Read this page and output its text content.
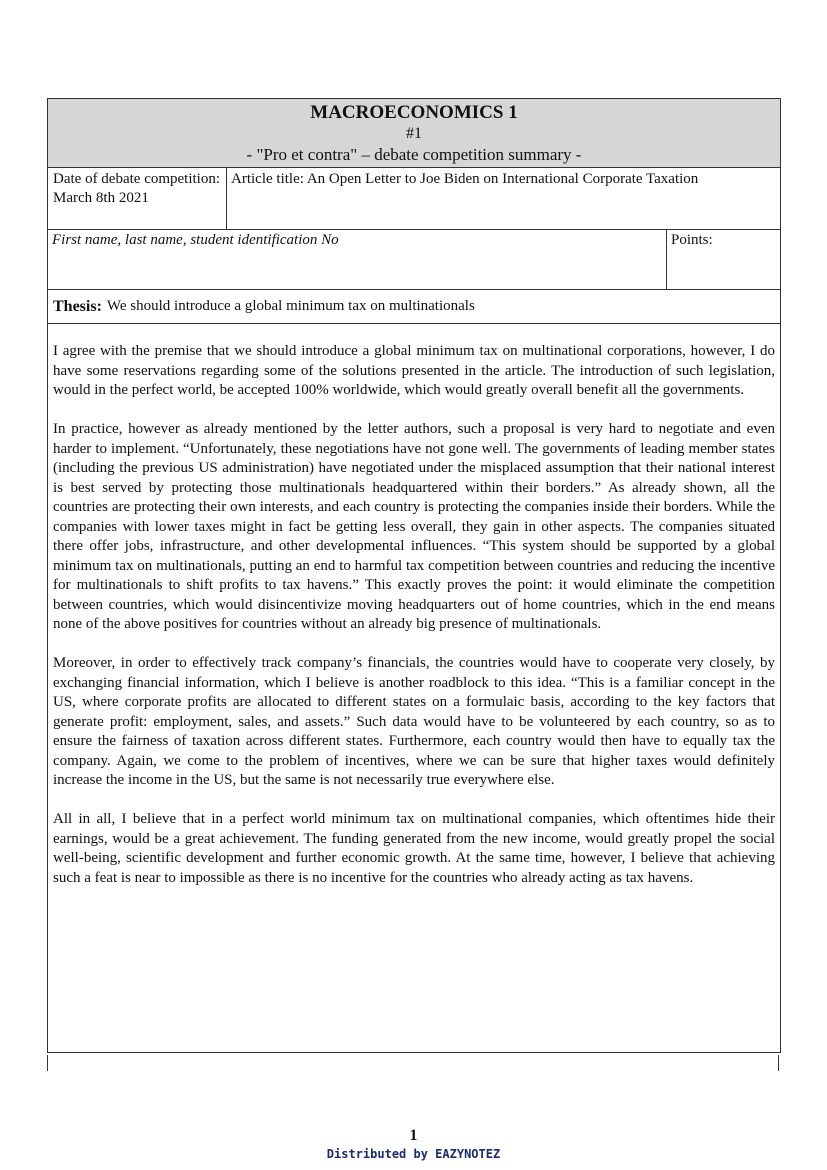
MACROECONOMICS 1
#1
- "Pro et contra" – debate competition summary -
Date of debate competition: March 8th 2021
Article title: An Open Letter to Joe Biden on International Corporate Taxation
First name, last name, student identification No	Points:
Thesis: We should introduce a global minimum tax on multinationals

I agree with the premise that we should introduce a global minimum tax on multinational corporations, however, I do have some reservations regarding some of the solutions presented in the article. The introduction of such legislation, would in the perfect world, be accepted 100% worldwide, which would greatly overall benefit all the governments.

In practice, however as already mentioned by the letter authors, such a proposal is very hard to negotiate and even harder to implement. “Unfortunately, these negotiations have not gone well. The governments of leading member states (including the previous US administration) have negotiated under the misplaced assumption that their national interest is best served by protecting those multinationals headquartered within their borders.” As already shown, all the countries are protecting their own interests, and each country is protecting the companies inside their borders. While the companies with lower taxes might in fact be getting less overall, they gain in other aspects. The companies situated there offer jobs, infrastructure, and other developmental influences. “This system should be supported by a global minimum tax on multinationals, putting an end to harmful tax competition between countries and reducing the incentive for multinationals to shift profits to tax havens.” This exactly proves the point: it would eliminate the competition between countries, which would disincentivize moving headquarters out of home countries, which in the end means none of the above positives for countries without an already big presence of multinationals.

Moreover, in order to effectively track company’s financials, the countries would have to cooperate very closely, by exchanging financial information, which I believe is another roadblock to this idea. “This is a familiar concept in the US, where corporate profits are allocated to different states on a formulaic basis, according to the key factors that generate profit: employment, sales, and assets.” Such data would have to be volunteered by each country, so as to ensure the fairness of taxation across different states. Furthermore, each country would then have to equally tax the company. Again, we come to the problem of incentives, where we can be sure that higher taxes would definitely increase the income in the US, but the same is not necessarily true everywhere else.

All in all, I believe that in a perfect world minimum tax on multinational companies, which oftentimes hide their earnings, would be a great achievement. The funding generated from the new income, would greatly propel the social well-being, scientific development and further economic growth. At the same time, however, I believe that achieving such a feat is near to impossible as there is no incentive for the countries who already acting as tax havens.

1
Distributed by EAZYNOTEZ
